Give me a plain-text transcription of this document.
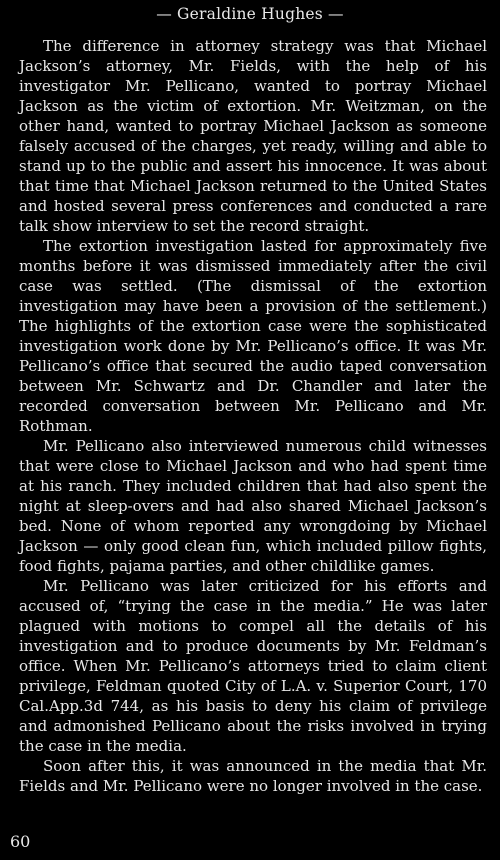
— Geraldine Hughes —

The difference in attorney strategy was that Michael Jackson’s attorney, Mr. Fields, with the help of his investigator Mr. Pellicano, wanted to portray Michael Jackson as the victim of extortion. Mr. Weitzman, on the other hand, wanted to portray Michael Jackson as someone falsely accused of the charges, yet ready, willing and able to stand up to the public and assert his innocence. It was about that time that Michael Jackson returned to the United States and hosted several press conferences and conducted a rare talk show interview to set the record straight.

The extortion investigation lasted for approximately five months before it was dismissed immediately after the civil case was settled. (The dismissal of the extortion investigation may have been a provision of the settlement.) The highlights of the extortion case were the sophisticated investigation work done by Mr. Pellicano’s office. It was Mr. Pellicano’s office that secured the audio taped conversation between Mr. Schwartz and Dr. Chandler and later the recorded conversation between Mr. Pellicano and Mr. Rothman.

Mr. Pellicano also interviewed numerous child witnesses that were close to Michael Jackson and who had spent time at his ranch. They included children that had also spent the night at sleep-overs and had also shared Michael Jackson’s bed. None of whom reported any wrongdoing by Michael Jackson — only good clean fun, which included pillow fights, food fights, pajama parties, and other childlike games.

Mr. Pellicano was later criticized for his efforts and accused of, “trying the case in the media.” He was later plagued with motions to compel all the details of his investigation and to produce documents by Mr. Feldman’s office. When Mr. Pellicano’s attorneys tried to claim client privilege, Feldman quoted City of L.A. v. Superior Court, 170 Cal.App.3d 744, as his basis to deny his claim of privilege and admonished Pellicano about the risks involved in trying the case in the media.

Soon after this, it was announced in the media that Mr. Fields and Mr. Pellicano were no longer involved in the case.

60
